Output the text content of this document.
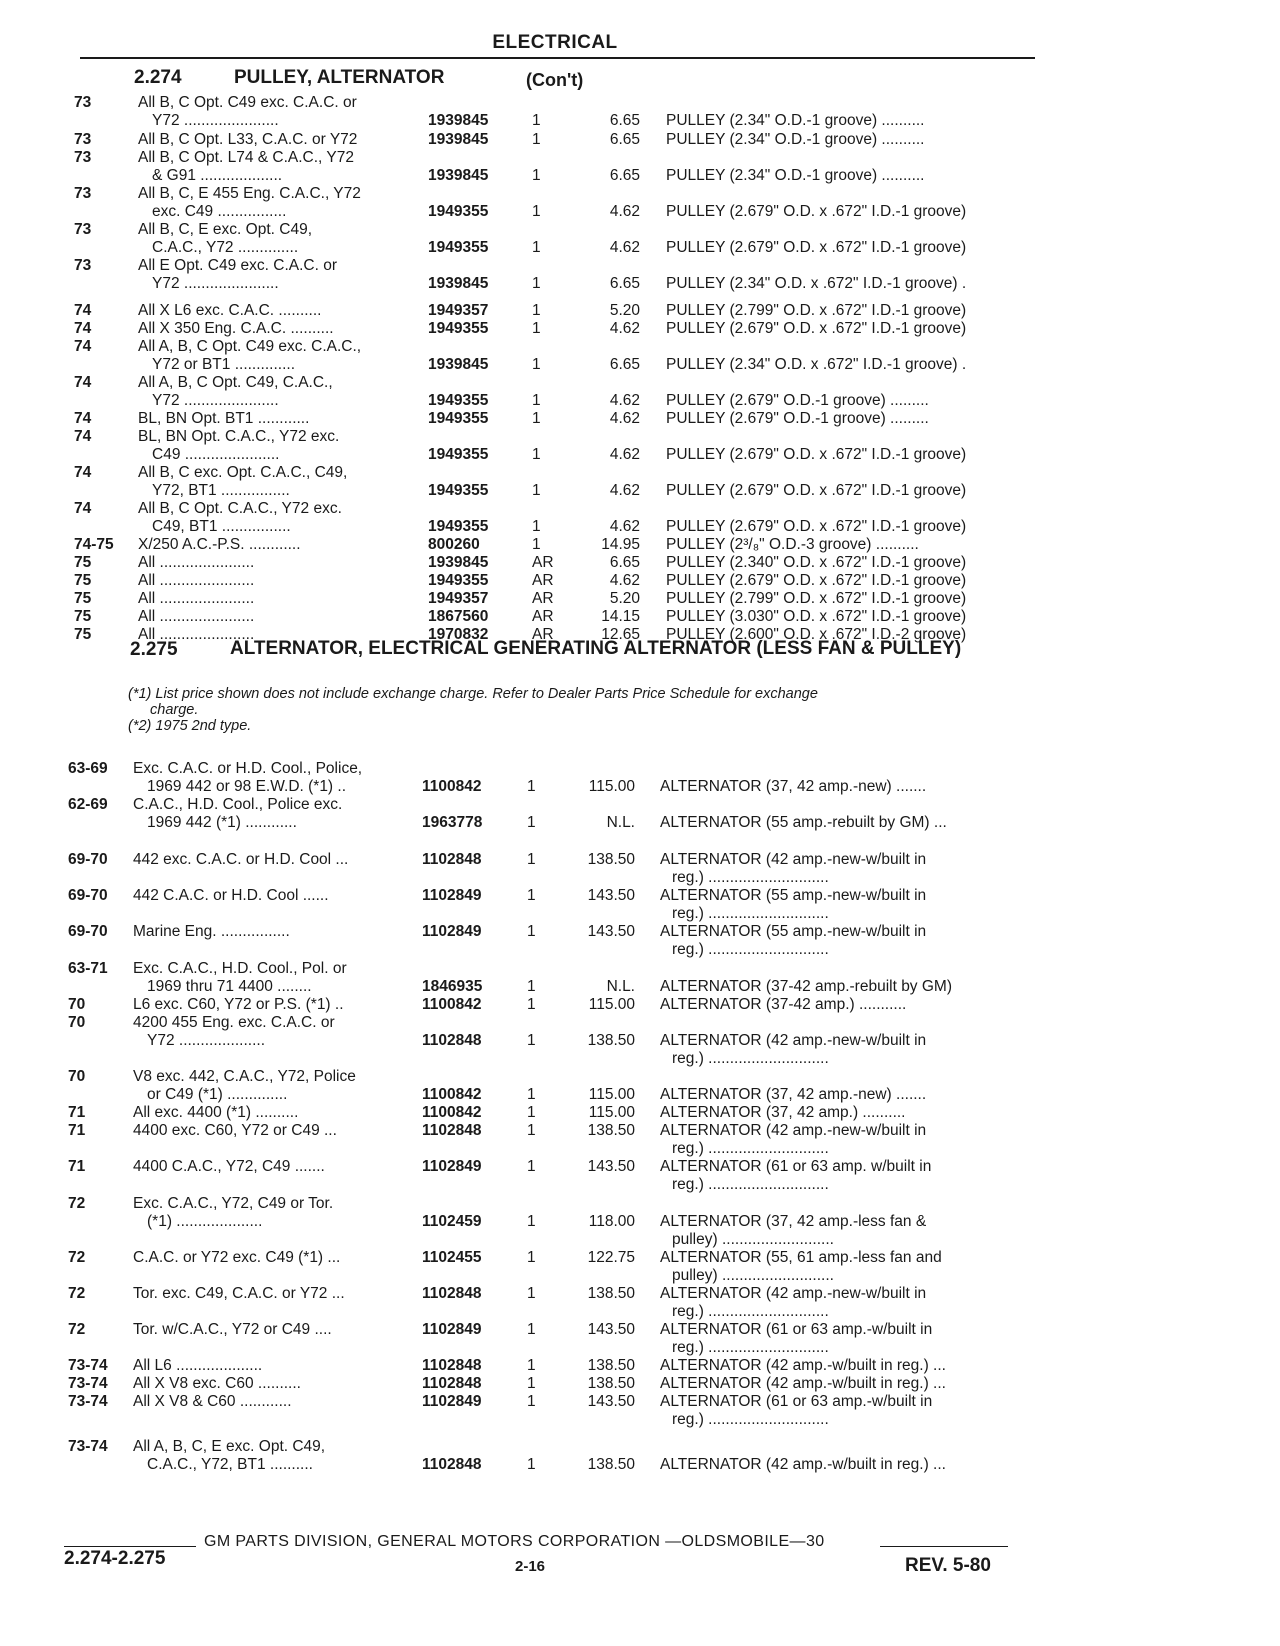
ELECTRICAL
2.274	PULLEY, ALTERNATOR	(Con't)
73	All B, C Opt. C49 exc. C.A.C. or
Y72 ......................	1939845	1	6.65 PULLEY (2.34" O.D.-1 groove) ..........
73	All B, C Opt. L33, C.A.C. or Y72	1939845	1	6.65 PULLEY (2.34" O.D.-1 groove) ..........
73	All B, C Opt. L74 & C.A.C., Y72
& G91 ...................	1939845	1	6.65 PULLEY (2.34" O.D.-1 groove) ..........
73	All B, C, E 455 Eng. C.A.C., Y72
exc. C49 ................	1949355	1	4.62 PULLEY (2.679" O.D. x .672" I.D.-1 groove)
73	All B, C, E exc. Opt. C49,
C.A.C., Y72 ..............	1949355	1	4.62 PULLEY (2.679" O.D. x .672" I.D.-1 groove)
73	All E Opt. C49 exc. C.A.C. or
Y72 ......................	1939845	1	6.65 PULLEY (2.34" O.D. x .672" I.D.-1 groove) .
74	All X L6 exc. C.A.C. ..........	1949357	1	5.20 PULLEY (2.799" O.D. x .672" I.D.-1 groove)
74	All X 350 Eng. C.A.C. ..........	1949355	1	4.62 PULLEY (2.679" O.D. x .672" I.D.-1 groove)
74	All A, B, C Opt. C49 exc. C.A.C.,
Y72 or BT1 ..............	1939845	1	6.65 PULLEY (2.34" O.D. x .672" I.D.-1 groove) .
74	All A, B, C Opt. C49, C.A.C.,
Y72 ......................	1949355	1	4.62 PULLEY (2.679" O.D.-1 groove) .........
74	BL, BN Opt. BT1 ............	1949355	1	4.62 PULLEY (2.679" O.D.-1 groove) .........
74	BL, BN Opt. C.A.C., Y72 exc.
C49 ......................	1949355	1	4.62 PULLEY (2.679" O.D. x .672" I.D.-1 groove)
74	All B, C exc. Opt. C.A.C., C49,
Y72, BT1 ................	1949355	1	4.62 PULLEY (2.679" O.D. x .672" I.D.-1 groove)
74	All B, C Opt. C.A.C., Y72 exc.
C49, BT1 ................	1949355	1	4.62 PULLEY (2.679" O.D. x .672" I.D.-1 groove)
74-75 X/250 A.C.-P.S. ............	800260	1	14.95 PULLEY (2³/₈" O.D.-3 groove) ..........
75	All ......................	1939845	AR	6.65 PULLEY (2.340" O.D. x .672" I.D.-1 groove)
75	All ......................	1949355	AR	4.62 PULLEY (2.679" O.D. x .672" I.D.-1 groove)
75	All ......................	1949357	AR	5.20 PULLEY (2.799" O.D. x .672" I.D.-1 groove)
75	All ......................	1867560	AR	14.15 PULLEY (3.030" O.D. x .672" I.D.-1 groove)
75	All ......................	1970832	AR	12.65 PULLEY (2.600" O.D. x .672" I.D.-2 groove)
2.275	ALTERNATOR, ELECTRICAL GENERATING ALTERNATOR (LESS FAN & PULLEY)
(*1) List price shown does not include exchange charge. Refer to Dealer Parts Price Schedule for exchange
charge.
(*2) 1975 2nd type.
63-69 Exc. C.A.C. or H.D. Cool., Police,
1969 442 or 98 E.W.D. (*1) ..	1100842	1	115.00 ALTERNATOR (37, 42 amp.-new) .......
62-69 C.A.C., H.D. Cool., Police exc.
1969 442 (*1) ............	1963778	1	N.L. ALTERNATOR (55 amp.-rebuilt by GM) ...
69-70 442 exc. C.A.C. or H.D. Cool ...	1102848	1	138.50 ALTERNATOR (42 amp.-new-w/built in
reg.) ............................
69-70 442 C.A.C. or H.D. Cool ......	1102849	1	143.50 ALTERNATOR (55 amp.-new-w/built in
reg.) ............................
69-70 Marine Eng. ................	1102849	1	143.50 ALTERNATOR (55 amp.-new-w/built in
reg.) ............................
63-71 Exc. C.A.C., H.D. Cool., Pol. or
1969 thru 71 4400 ........	1846935	1	N.L. ALTERNATOR (37-42 amp.-rebuilt by GM)
70	L6 exc. C60, Y72 or P.S. (*1) ..	1100842	1	115.00 ALTERNATOR (37-42 amp.) ...........
70	4200 455 Eng. exc. C.A.C. or
Y72 ....................	1102848	1	138.50 ALTERNATOR (42 amp.-new-w/built in
reg.) ............................
70	V8 exc. 442, C.A.C., Y72, Police
or C49 (*1) ..............	1100842	1	115.00 ALTERNATOR (37, 42 amp.-new) .......
71	All exc. 4400 (*1) ..........	1100842	1	115.00 ALTERNATOR (37, 42 amp.) ..........
71	4400 exc. C60, Y72 or C49 ...	1102848	1	138.50 ALTERNATOR (42 amp.-new-w/built in
reg.) ............................
71	4400 C.A.C., Y72, C49 .......	1102849	1	143.50 ALTERNATOR (61 or 63 amp. w/built in
reg.) ............................
72	Exc. C.A.C., Y72, C49 or Tor.
(*1) ....................	1102459	1	118.00 ALTERNATOR (37, 42 amp.-less fan &
pulley) ..........................
72	C.A.C. or Y72 exc. C49 (*1) ...	1102455	1	122.75 ALTERNATOR (55, 61 amp.-less fan and
pulley) ..........................
72	Tor. exc. C49, C.A.C. or Y72 ...	1102848	1	138.50 ALTERNATOR (42 amp.-new-w/built in
reg.) ............................
72	Tor. w/C.A.C., Y72 or C49 ....	1102849	1	143.50 ALTERNATOR (61 or 63 amp.-w/built in
reg.) ............................
73-74 All L6 ....................	1102848	1	138.50 ALTERNATOR (42 amp.-w/built in reg.) ...
73-74 All X V8 exc. C60 ..........	1102848	1	138.50 ALTERNATOR (42 amp.-w/built in reg.) ...
73-74 All X V8 & C60 ............	1102849	1	143.50 ALTERNATOR (61 or 63 amp.-w/built in
reg.) ............................
73-74 All A, B, C, E exc. Opt. C49,
C.A.C., Y72, BT1 ..........	1102848	1	138.50 ALTERNATOR (42 amp.-w/built in reg.) ...
GM PARTS DIVISION, GENERAL MOTORS CORPORATION —OLDSMOBILE—30
2.274-2.275	2-16	REV. 5-80
